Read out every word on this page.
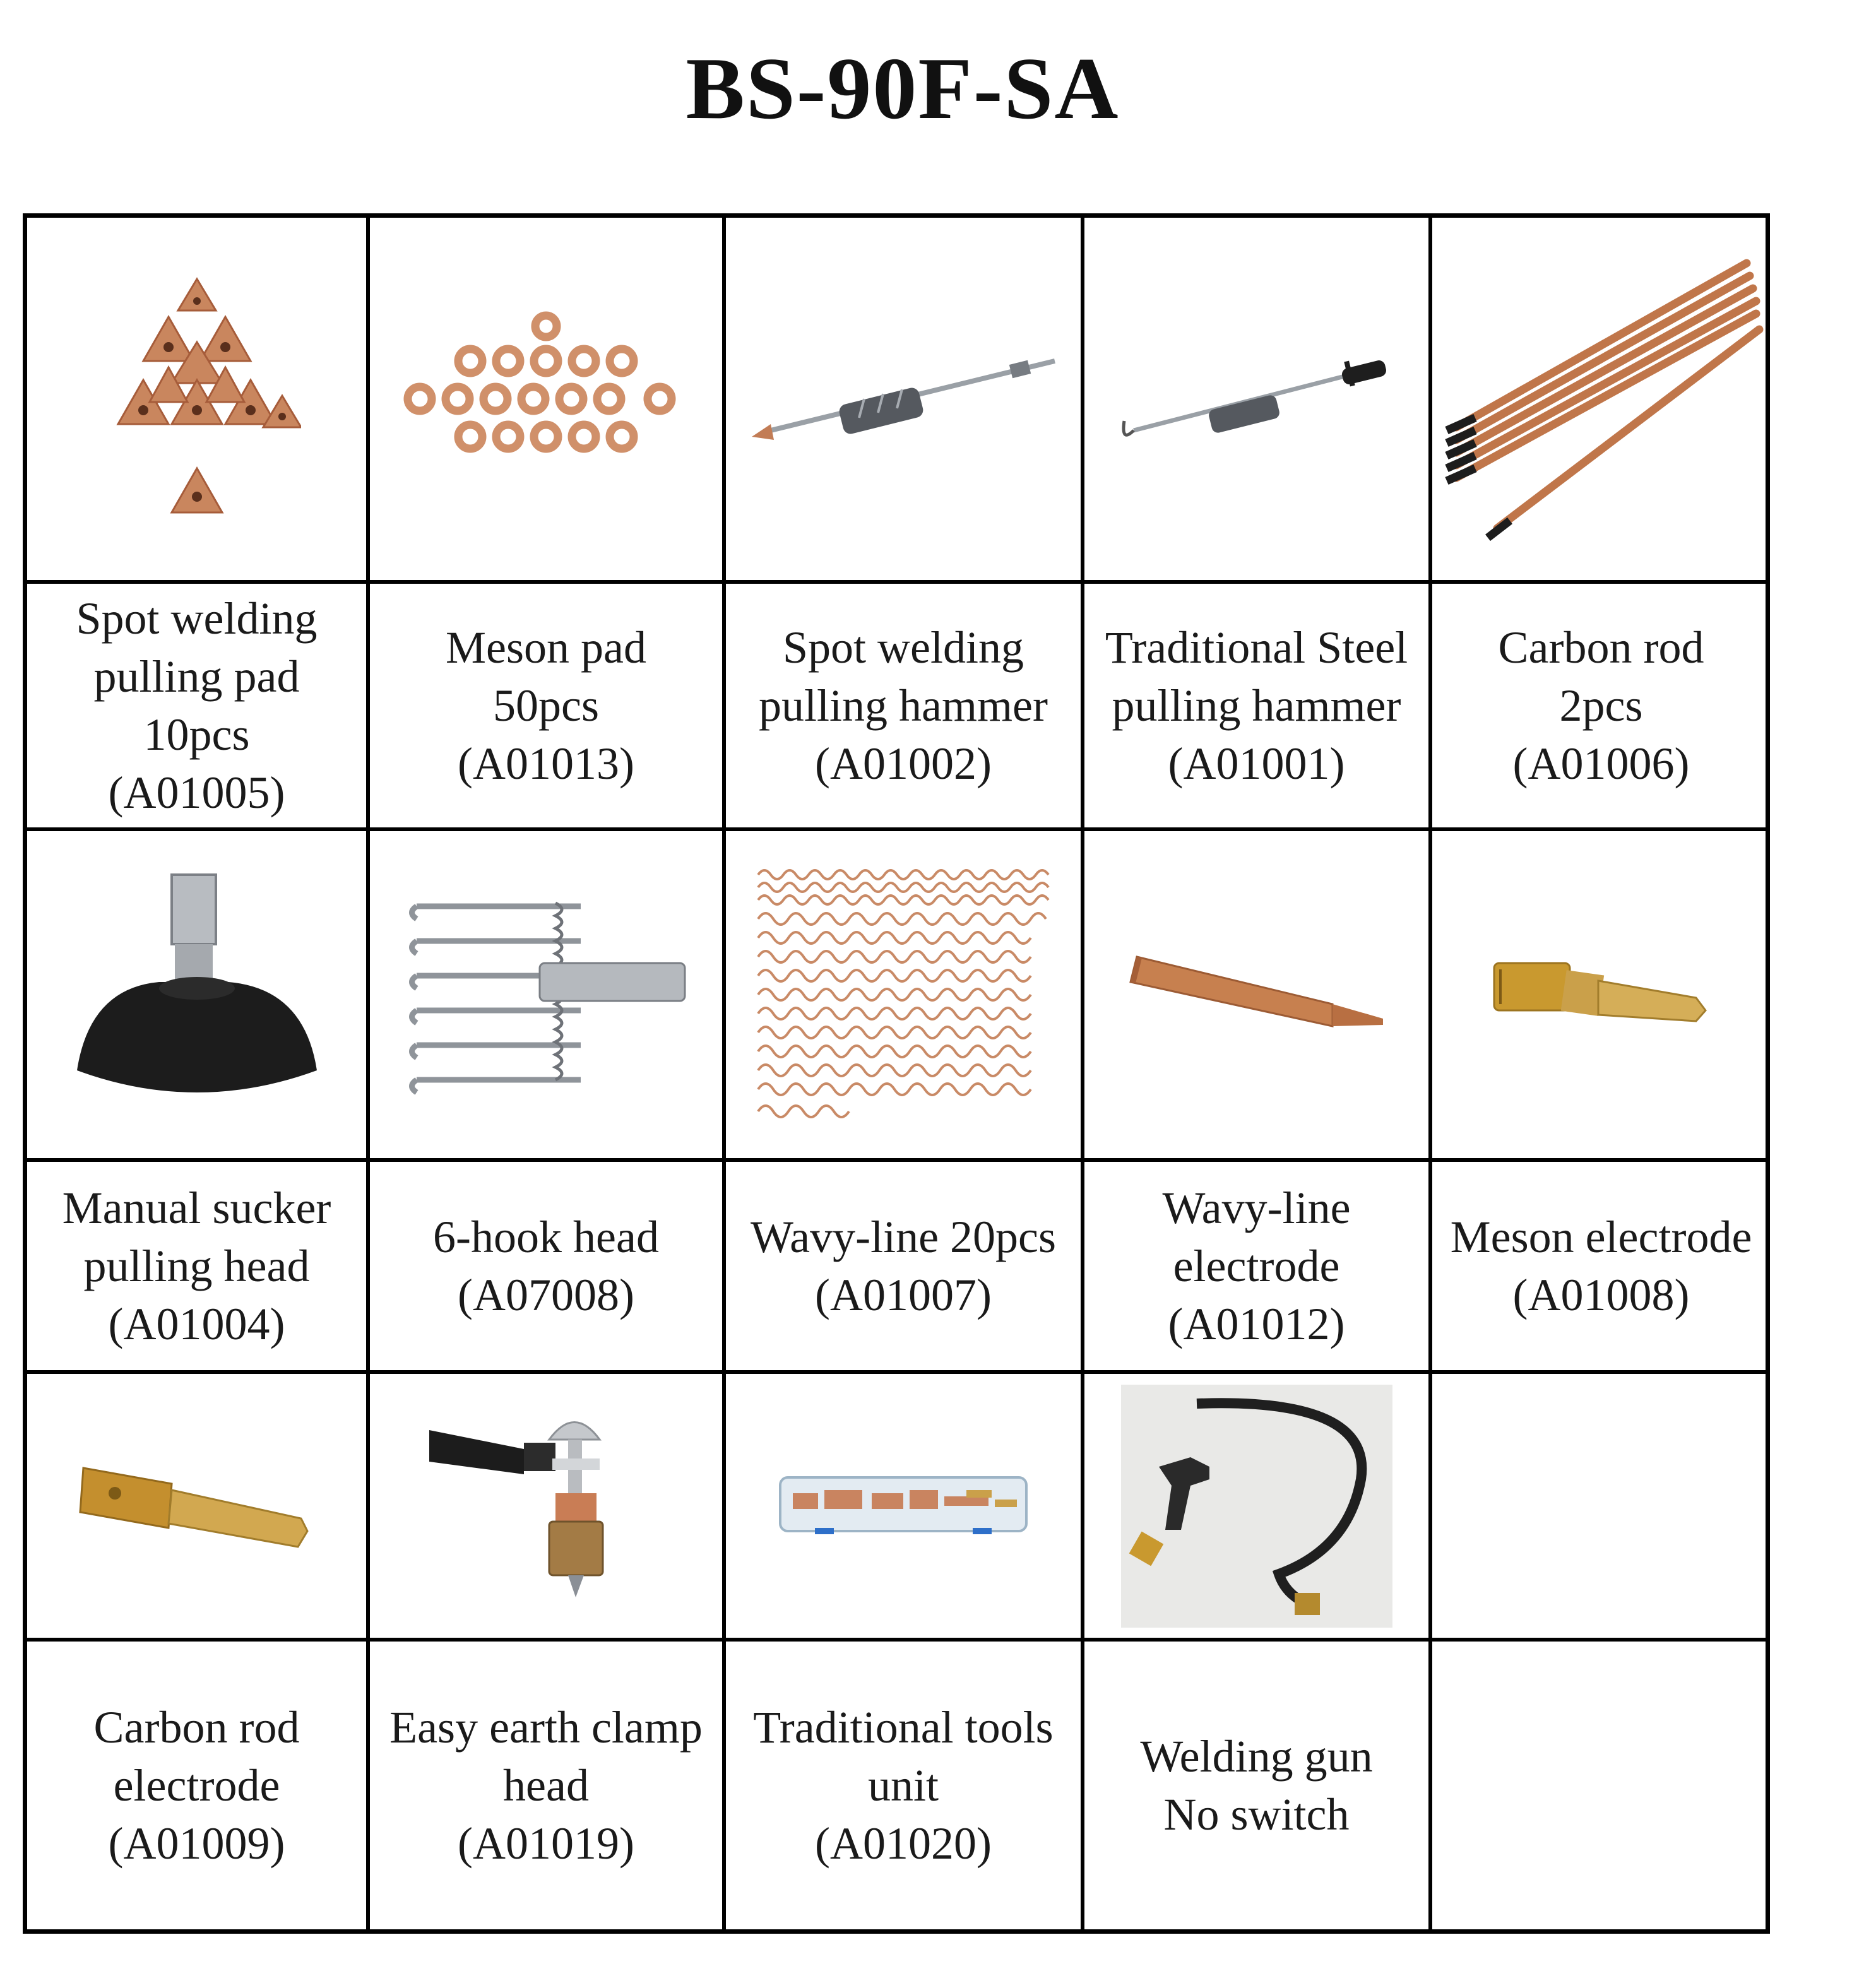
BS-90F-SA
Spot welding
pulling pad
10pcs
(A01005)
Meson pad
50pcs
(A01013)
Spot welding
pulling hammer
(A01002)
Traditional Steel
pulling hammer
(A01001)
Carbon rod
2pcs
(A01006)
Manual sucker
pulling head
(A01004)
6-hook head
(A07008)
Wavy-line 20pcs
(A01007)
Wavy-line
electrode
(A01012)
Meson electrode
(A01008)
Carbon rod
electrode
(A01009)
Easy earth clamp
head
(A01019)
Traditional tools
unit
(A01020)
Welding gun
No switch
